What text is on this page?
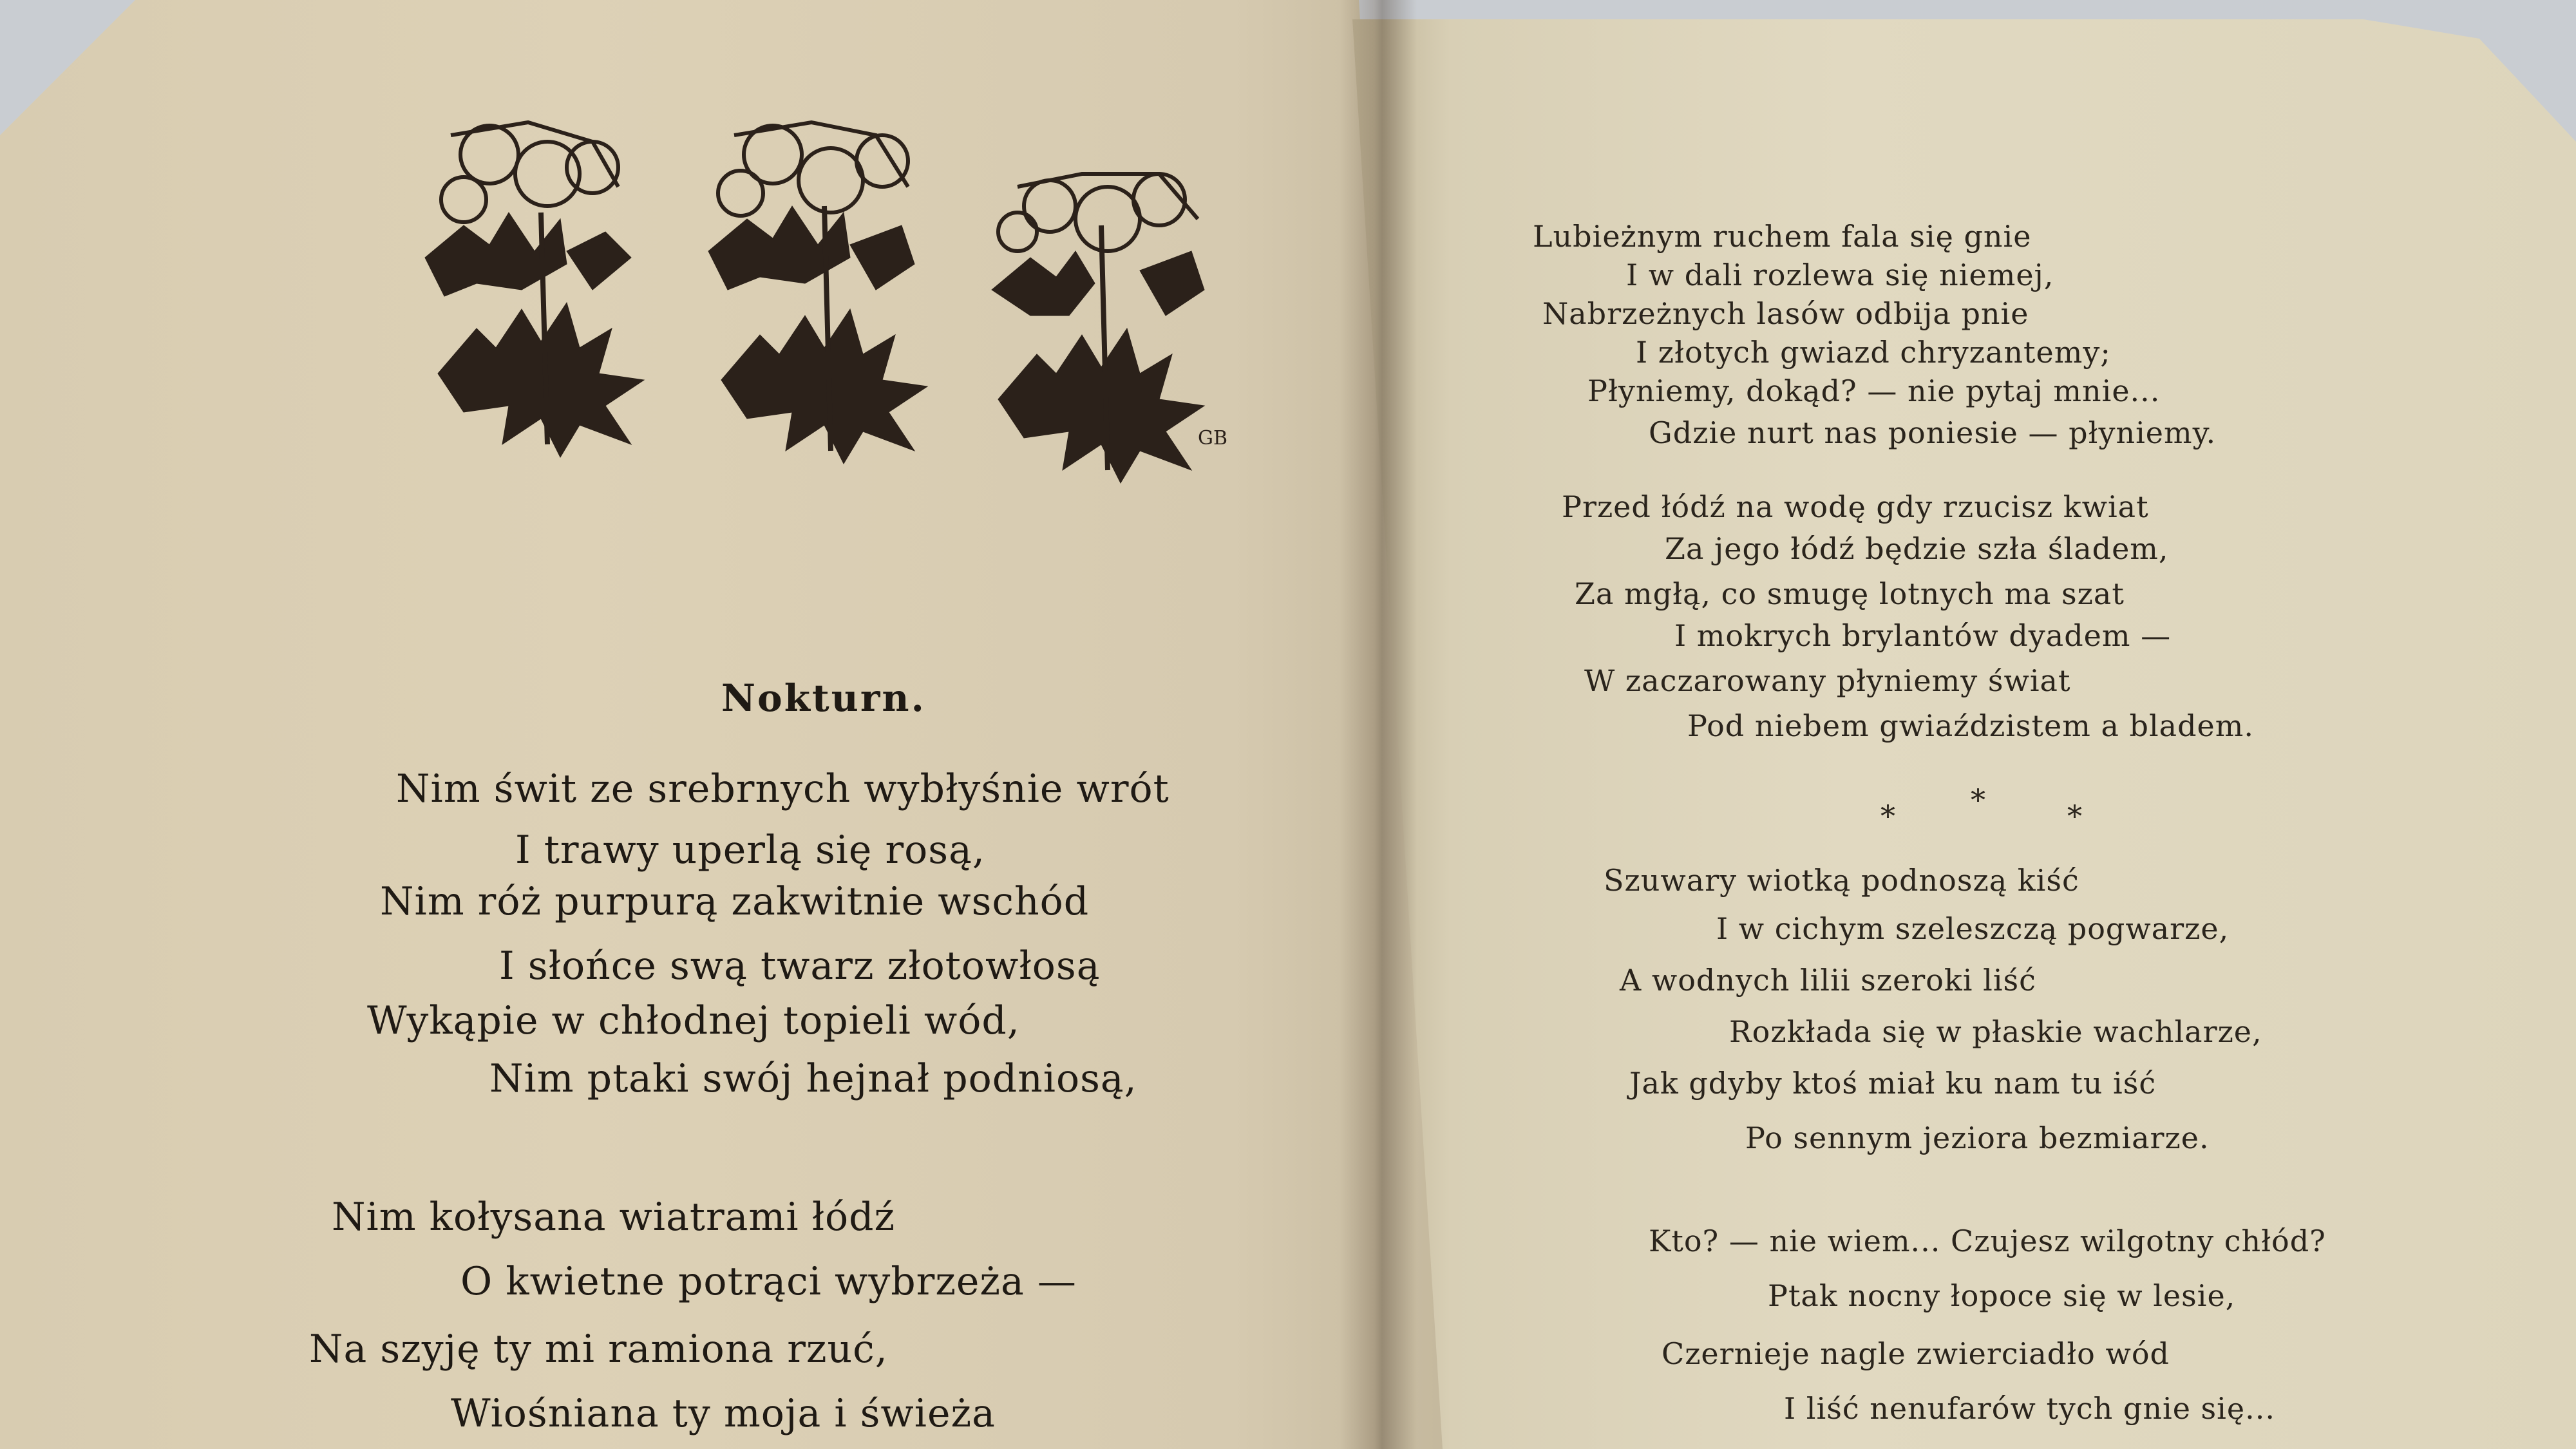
GB

Nokturn.

Nim świt ze srebrnych wybłyśnie wrót

I trawy uperlą się rosą,

Nim róż purpurą zakwitnie wschód

I słońce swą twarz złotowłosą

Wykąpie w chłodnej topieli wód,

Nim ptaki swój hejnał podniosą,

Nim kołysana wiatrami łódź

O kwietne potrąci wybrzeża —

Na szyję ty mi ramiona rzuć,

Wiośniana ty moja i świeża

Lubieżnym ruchem fala się gnie

I w dali rozlewa się niemej,

Nabrzeżnych lasów odbija pnie

I złotych gwiazd chryzantemy;

Płyniemy, dokąd? — nie pytaj mnie...

Gdzie nurt nas poniesie — płyniemy.

Przed łódź na wodę gdy rzucisz kwiat

Za jego łódź będzie szła śladem,

Za mgłą, co smugę lotnych ma szat

I mokrych brylantów dyadem —

W zaczarowany płyniemy świat

Pod niebem gwiaździstem a bladem.

*	*	*

Szuwary wiotką podnoszą kiść

I w cichym szeleszczą pogwarze,

A wodnych lilii szeroki liść

Rozkłada się w płaskie wachlarze,

Jak gdyby ktoś miał ku nam tu iść

Po sennym jeziora bezmiarze.

Kto? — nie wiem... Czujesz wilgotny chłód?

Ptak nocny łopoce się w lesie,

Czernieje nagle zwierciadło wód

I liść nenufarów tych gnie się...
